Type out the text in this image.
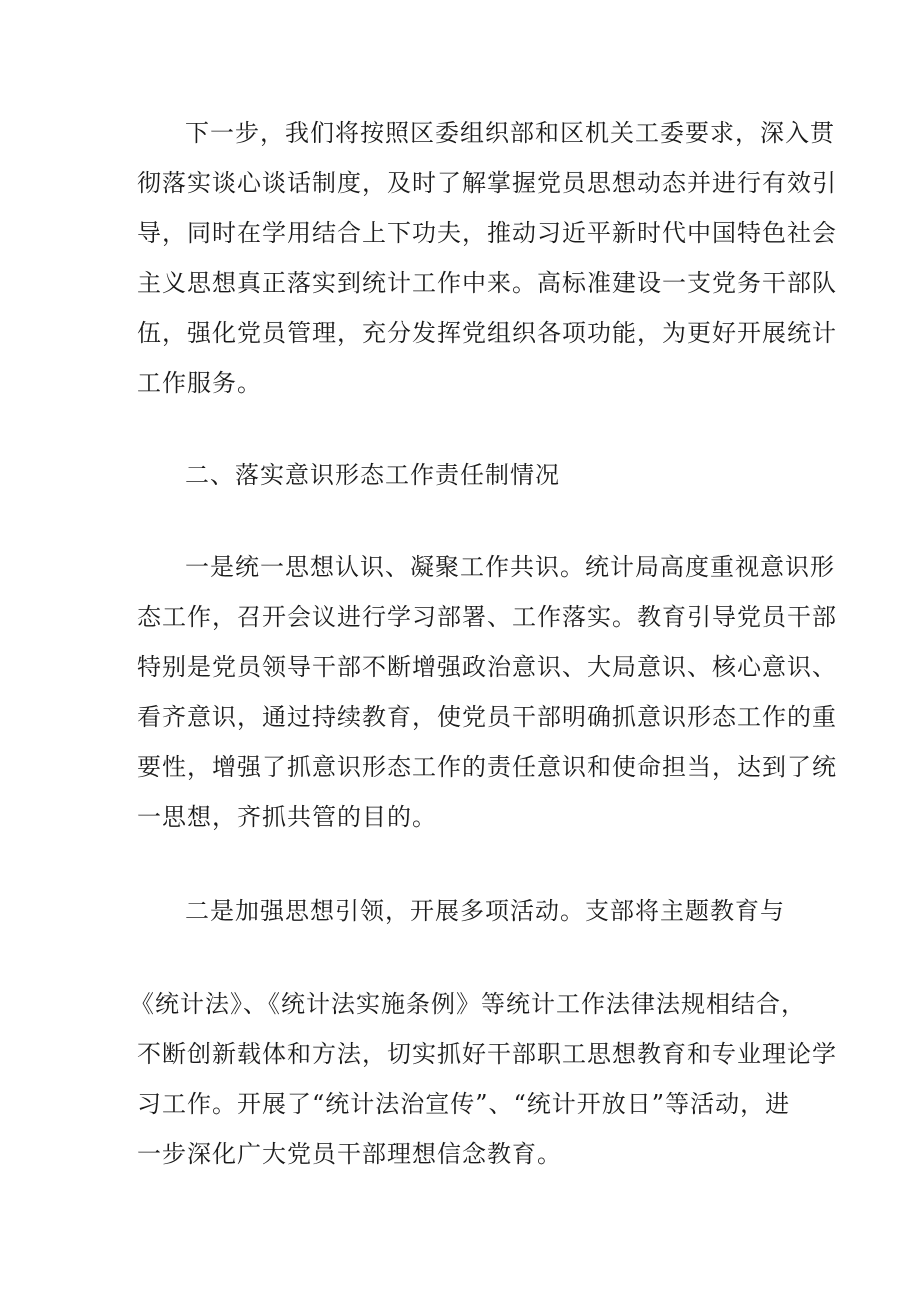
下一步，我们将按照区委组织部和区机关工委要求，深入贯
彻落实谈心谈话制度，及时了解掌握党员思想动态并进行有效引
导，同时在学用结合上下功夫，推动习近平新时代中国特色社会
主义思想真正落实到统计工作中来。高标准建设一支党务干部队
伍，强化党员管理，充分发挥党组织各项功能，为更好开展统计
工作服务。
二、落实意识形态工作责任制情况
一是统一思想认识、凝聚工作共识。统计局高度重视意识形
态工作，召开会议进行学习部署、工作落实。教育引导党员干部
特别是党员领导干部不断增强政治意识、大局意识、核心意识、
看齐意识，通过持续教育，使党员干部明确抓意识形态工作的重
要性，增强了抓意识形态工作的责任意识和使命担当，达到了统
一思想，齐抓共管的目的。
二是加强思想引领，开展多项活动。支部将主题教育与
《统计法》、《统计法实施条例》等统计工作法律法规相结合，
不断创新载体和方法，切实抓好干部职工思想教育和专业理论学
习工作。开展了“统计法治宣传”、“统计开放日”等活动，进
一步深化广大党员干部理想信念教育。
